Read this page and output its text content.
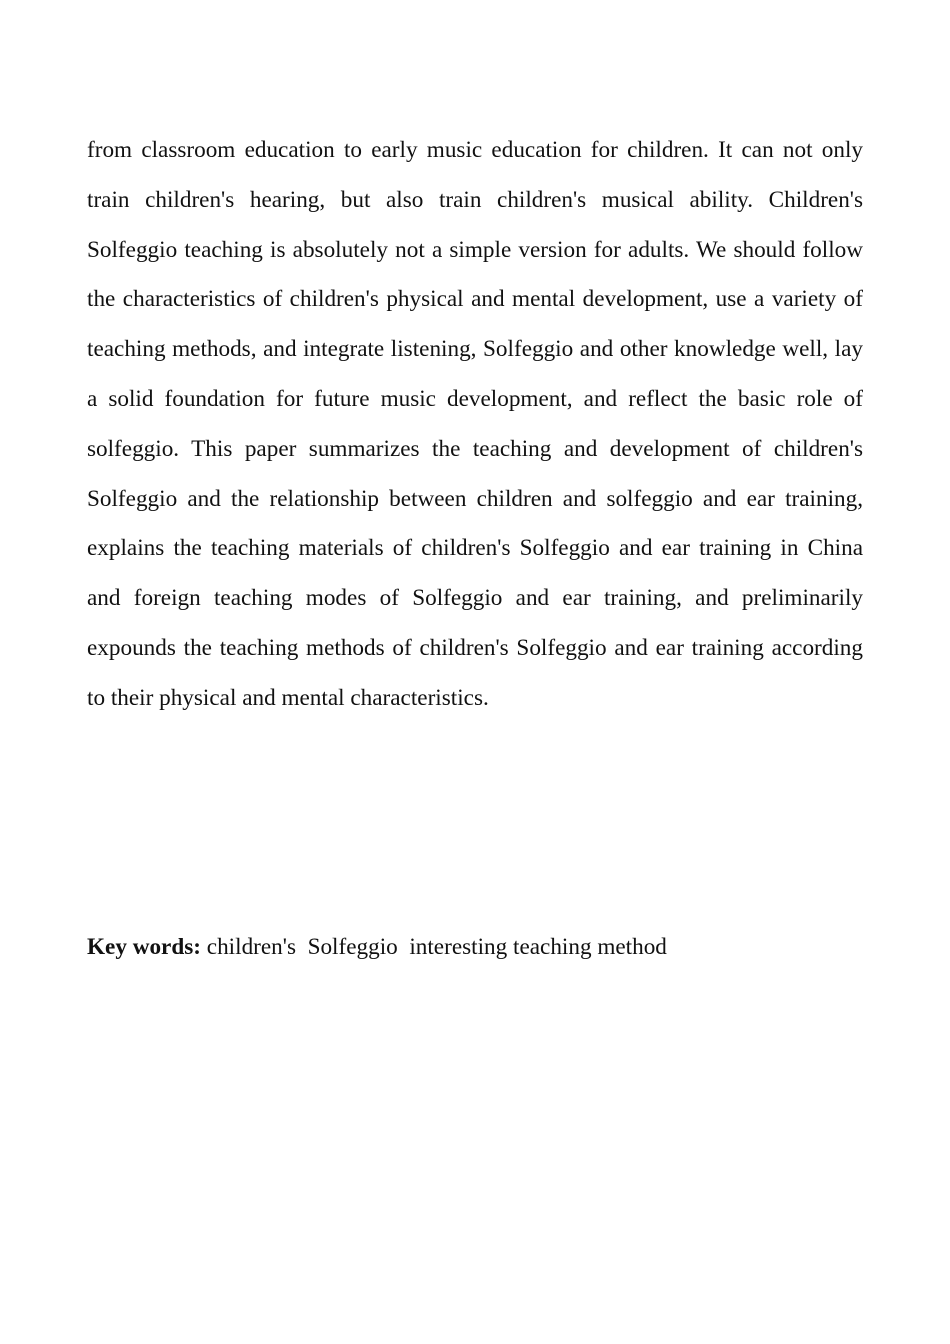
from classroom education to early music education for children. It can not only train children's hearing, but also train children's musical ability. Children's Solfeggio teaching is absolutely not a simple version for adults. We should follow the characteristics of children's physical and mental development, use a variety of teaching methods, and integrate listening, Solfeggio and other knowledge well, lay a solid foundation for future music development, and reflect the basic role of solfeggio. This paper summarizes the teaching and development of children's Solfeggio and the relationship between children and solfeggio and ear training, explains the teaching materials of children's Solfeggio and ear training in China and foreign teaching modes of Solfeggio and ear training, and preliminarily expounds the teaching methods of children's Solfeggio and ear training according to their physical and mental characteristics.

Key words: children's  Solfeggio  interesting teaching method
